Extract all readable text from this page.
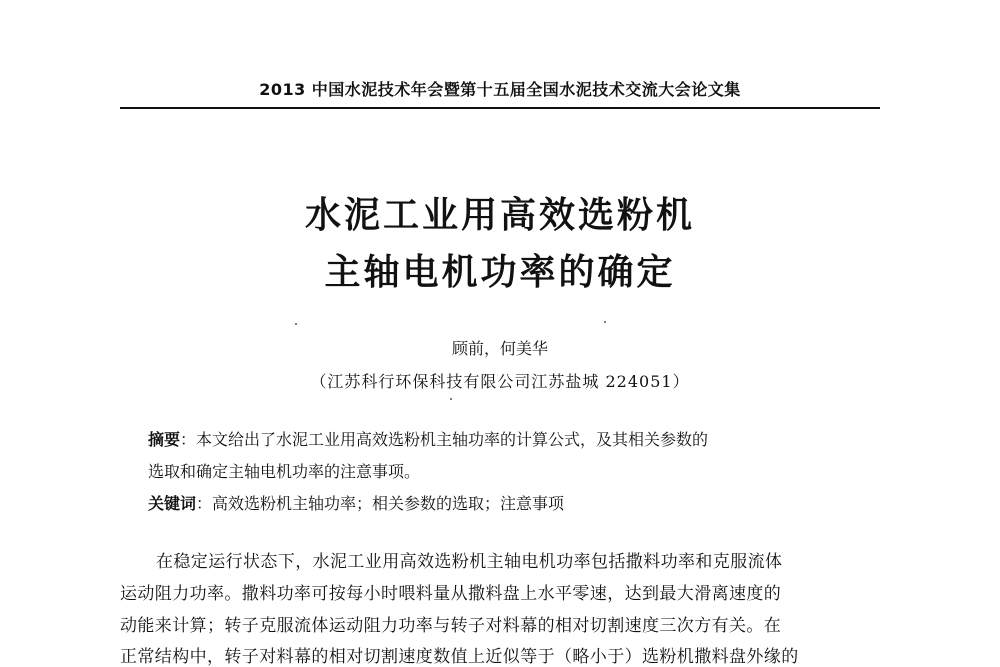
2013 中国水泥技术年会暨第十五届全国水泥技术交流大会论文集
水泥工业用高效选粉机
主轴电机功率的确定
顾前，何美华
（江苏科行环保科技有限公司江苏盐城 224051）
摘要：本文给出了水泥工业用高效选粉机主轴功率的计算公式，及其相关参数的
选取和确定主轴电机功率的注意事项。
关键词：高效选粉机主轴功率；相关参数的选取；注意事项
在稳定运行状态下，水泥工业用高效选粉机主轴电机功率包括撒料功率和克服流体
运动阻力功率。撒料功率可按每小时喂料量从撒料盘上水平零速，达到最大滑离速度的
动能来计算；转子克服流体运动阻力功率与转子对料幕的相对切割速度三次方有关。在
正常结构中，转子对料幕的相对切割速度数值上近似等于（略小于）选粉机撒料盘外缘的
